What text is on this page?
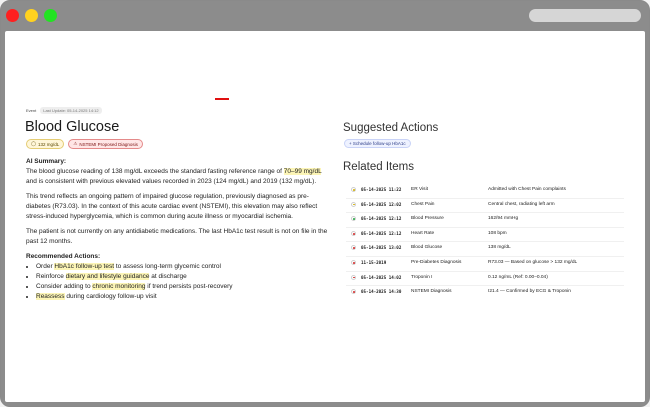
Event	Last Update: 05-14-2025 14:12
Blood Glucose
◯ 132 mg/dL	⚠ NSTEMI Proposed Diagnosis

AI Summary:

The blood glucose reading of 138 mg/dL exceeds the standard fasting reference range of 70–99 mg/dL and is consistent with previous elevated values recorded in 2023 (124 mg/dL) and 2019 (132 mg/dL).

This trend reflects an ongoing pattern of impaired glucose regulation, previously diagnosed as pre-diabetes (R73.03). In the context of this acute cardiac event (NSTEMI), this elevation may also reflect stress-induced hyperglycemia, which is common during acute illness or myocardial ischemia.

The patient is not currently on any antidiabetic medications. The last HbA1c test result is not on file in the past 12 months.

Recommended Actions:

• Order HbA1c follow-up test to assess long-term glycemic control
• Reinforce dietary and lifestyle guidance at discharge
• Consider adding to chronic monitoring if trend persists post-recovery
• Reassess during cardiology follow-up visit
Suggested Actions
+ Schedule follow-up HbA1c
Related Items
05-14-2025 11:22 ER Visit	Admitted with Chest Pain complaints
05-14-2025 12:02 Chest Pain	Central chest, radiating left arm
05-14-2025 12:12 Blood Pressure	162/94 mmHg
05-14-2025 12:12 Heart Rate	108 bpm
05-14-2025 13:02 Blood Glucose	138 mg/dL
11-15-2019	Pre-Diabetes Diagnosis	R73.03 — Based on glucose > 132 mg/dL
05-14-2025 14:02 Troponin I	0.12 ng/mL (Ref: 0.00–0.04)
05-14-2025 14:30 NSTEMI Diagnosis	I21.4 — Confirmed by ECG & Troponin
